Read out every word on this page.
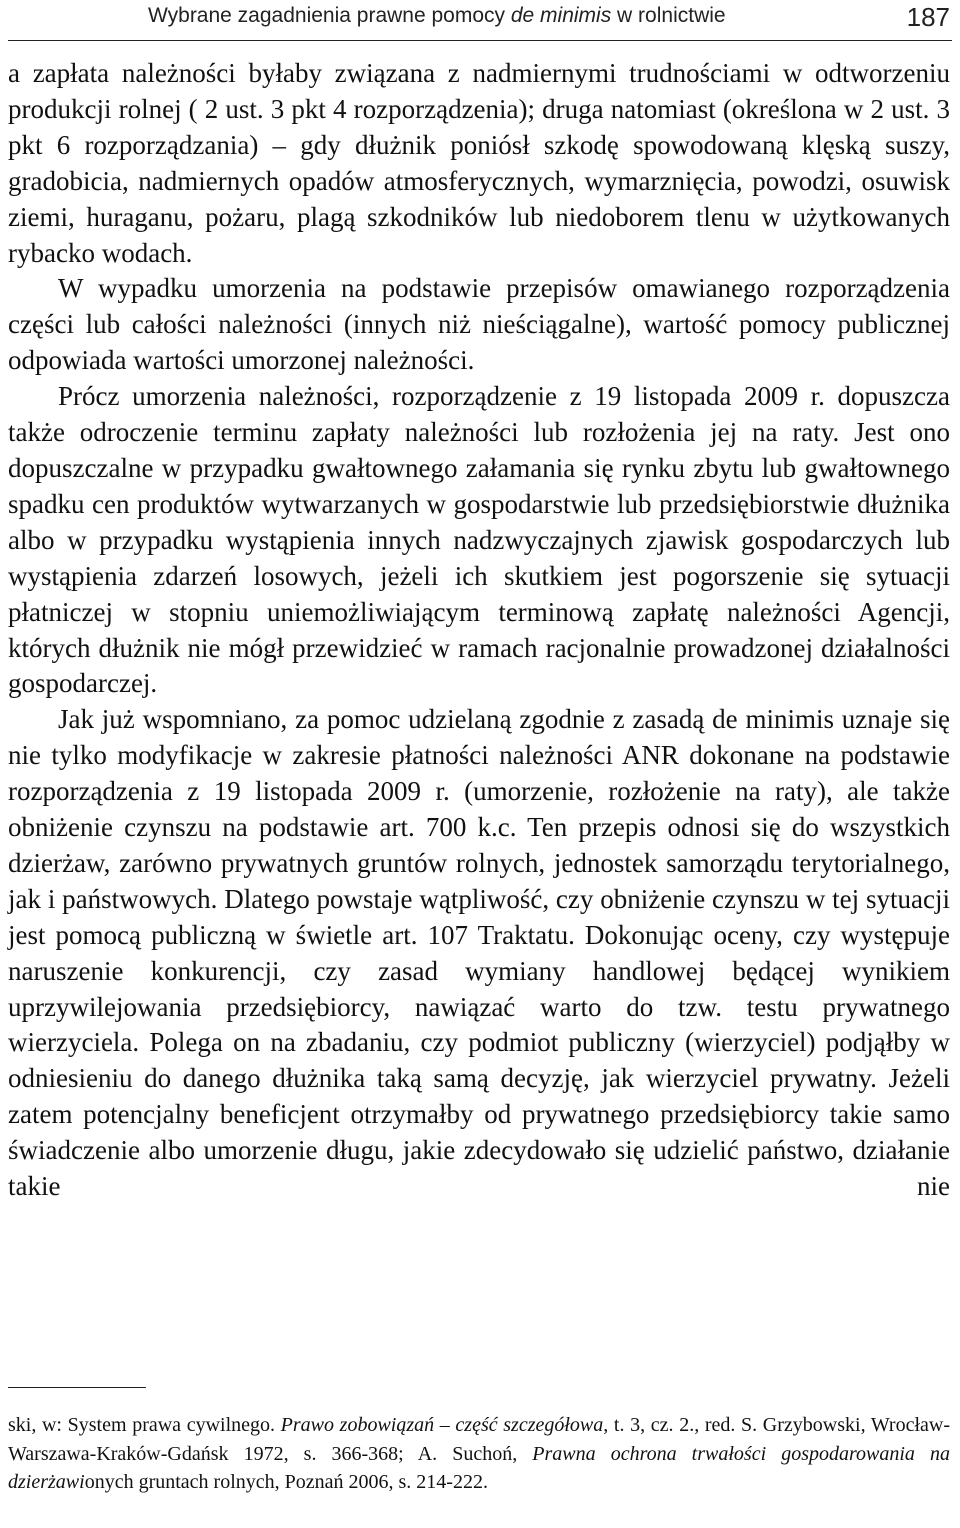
Wybrane zagadnienia prawne pomocy de minimis w rolnictwie	187

a zapłata należności byłaby związana z nadmiernymi trudnościami w odtworzeniu produkcji rolnej ( 2 ust. 3 pkt 4 rozporządzenia); druga natomiast (określona w 2 ust. 3 pkt 6 rozporządzania) – gdy dłużnik poniósł szkodę spowodowaną klęską suszy, gradobicia, nadmiernych opadów atmosferycznych, wymarznięcia, powodzi, osuwisk ziemi, huraganu, pożaru, plagą szkodników lub niedoborem tlenu w użytkowanych rybacko wodach.

W wypadku umorzenia na podstawie przepisów omawianego rozporządzenia części lub całości należności (innych niż nieściągalne), wartość pomocy publicznej odpowiada wartości umorzonej należności.

Prócz umorzenia należności, rozporządzenie z 19 listopada 2009 r. dopuszcza także odroczenie terminu zapłaty należności lub rozłożenia jej na raty. Jest ono dopuszczalne w przypadku gwałtownego załamania się rynku zbytu lub gwałtownego spadku cen produktów wytwarzanych w gospodarstwie lub przedsiębiorstwie dłużnika albo w przypadku wystąpienia innych nadzwyczajnych zjawisk gospodarczych lub wystąpienia zdarzeń losowych, jeżeli ich skutkiem jest pogorszenie się sytuacji płatniczej w stopniu uniemożliwiającym terminową zapłatę należności Agencji, których dłużnik nie mógł przewidzieć w ramach racjonalnie prowadzonej działalności gospodarczej.

Jak już wspomniano, za pomoc udzielaną zgodnie z zasadą de minimis uznaje się nie tylko modyfikacje w zakresie płatności należności ANR dokonane na podstawie rozporządzenia z 19 listopada 2009 r. (umorzenie, rozłożenie na raty), ale także obniżenie czynszu na podstawie art. 700 k.c. Ten przepis odnosi się do wszystkich dzierżaw, zarówno prywatnych gruntów rolnych, jednostek samorządu terytorialnego, jak i państwowych. Dlatego powstaje wątpliwość, czy obniżenie czynszu w tej sytuacji jest pomocą publiczną w świetle art. 107 Traktatu. Dokonując oceny, czy występuje naruszenie konkurencji, czy zasad wymiany handlowej będącej wynikiem uprzywilejowania przedsiębiorcy, nawiązać warto do tzw. testu prywatnego wierzyciela. Polega on na zbadaniu, czy podmiot publiczny (wierzyciel) podjąłby w odniesieniu do danego dłużnika taką samą decyzję, jak wierzyciel prywatny. Jeżeli zatem potencjalny beneficjent otrzymałby od prywatnego przedsiębiorcy takie samo świadczenie albo umorzenie długu, jakie zdecydowało się udzielić państwo, działanie takie nie

ski, w: System prawa cywilnego. Prawo zobowiązań – część szczegółowa, t. 3, cz. 2., red. S. Grzybowski, Wrocław-Warszawa-Kraków-Gdańsk 1972, s. 366-368; A. Suchoń, Prawna ochrona trwałości gospodarowania na dzierżawionych gruntach rolnych, Poznań 2006, s. 214-222.
